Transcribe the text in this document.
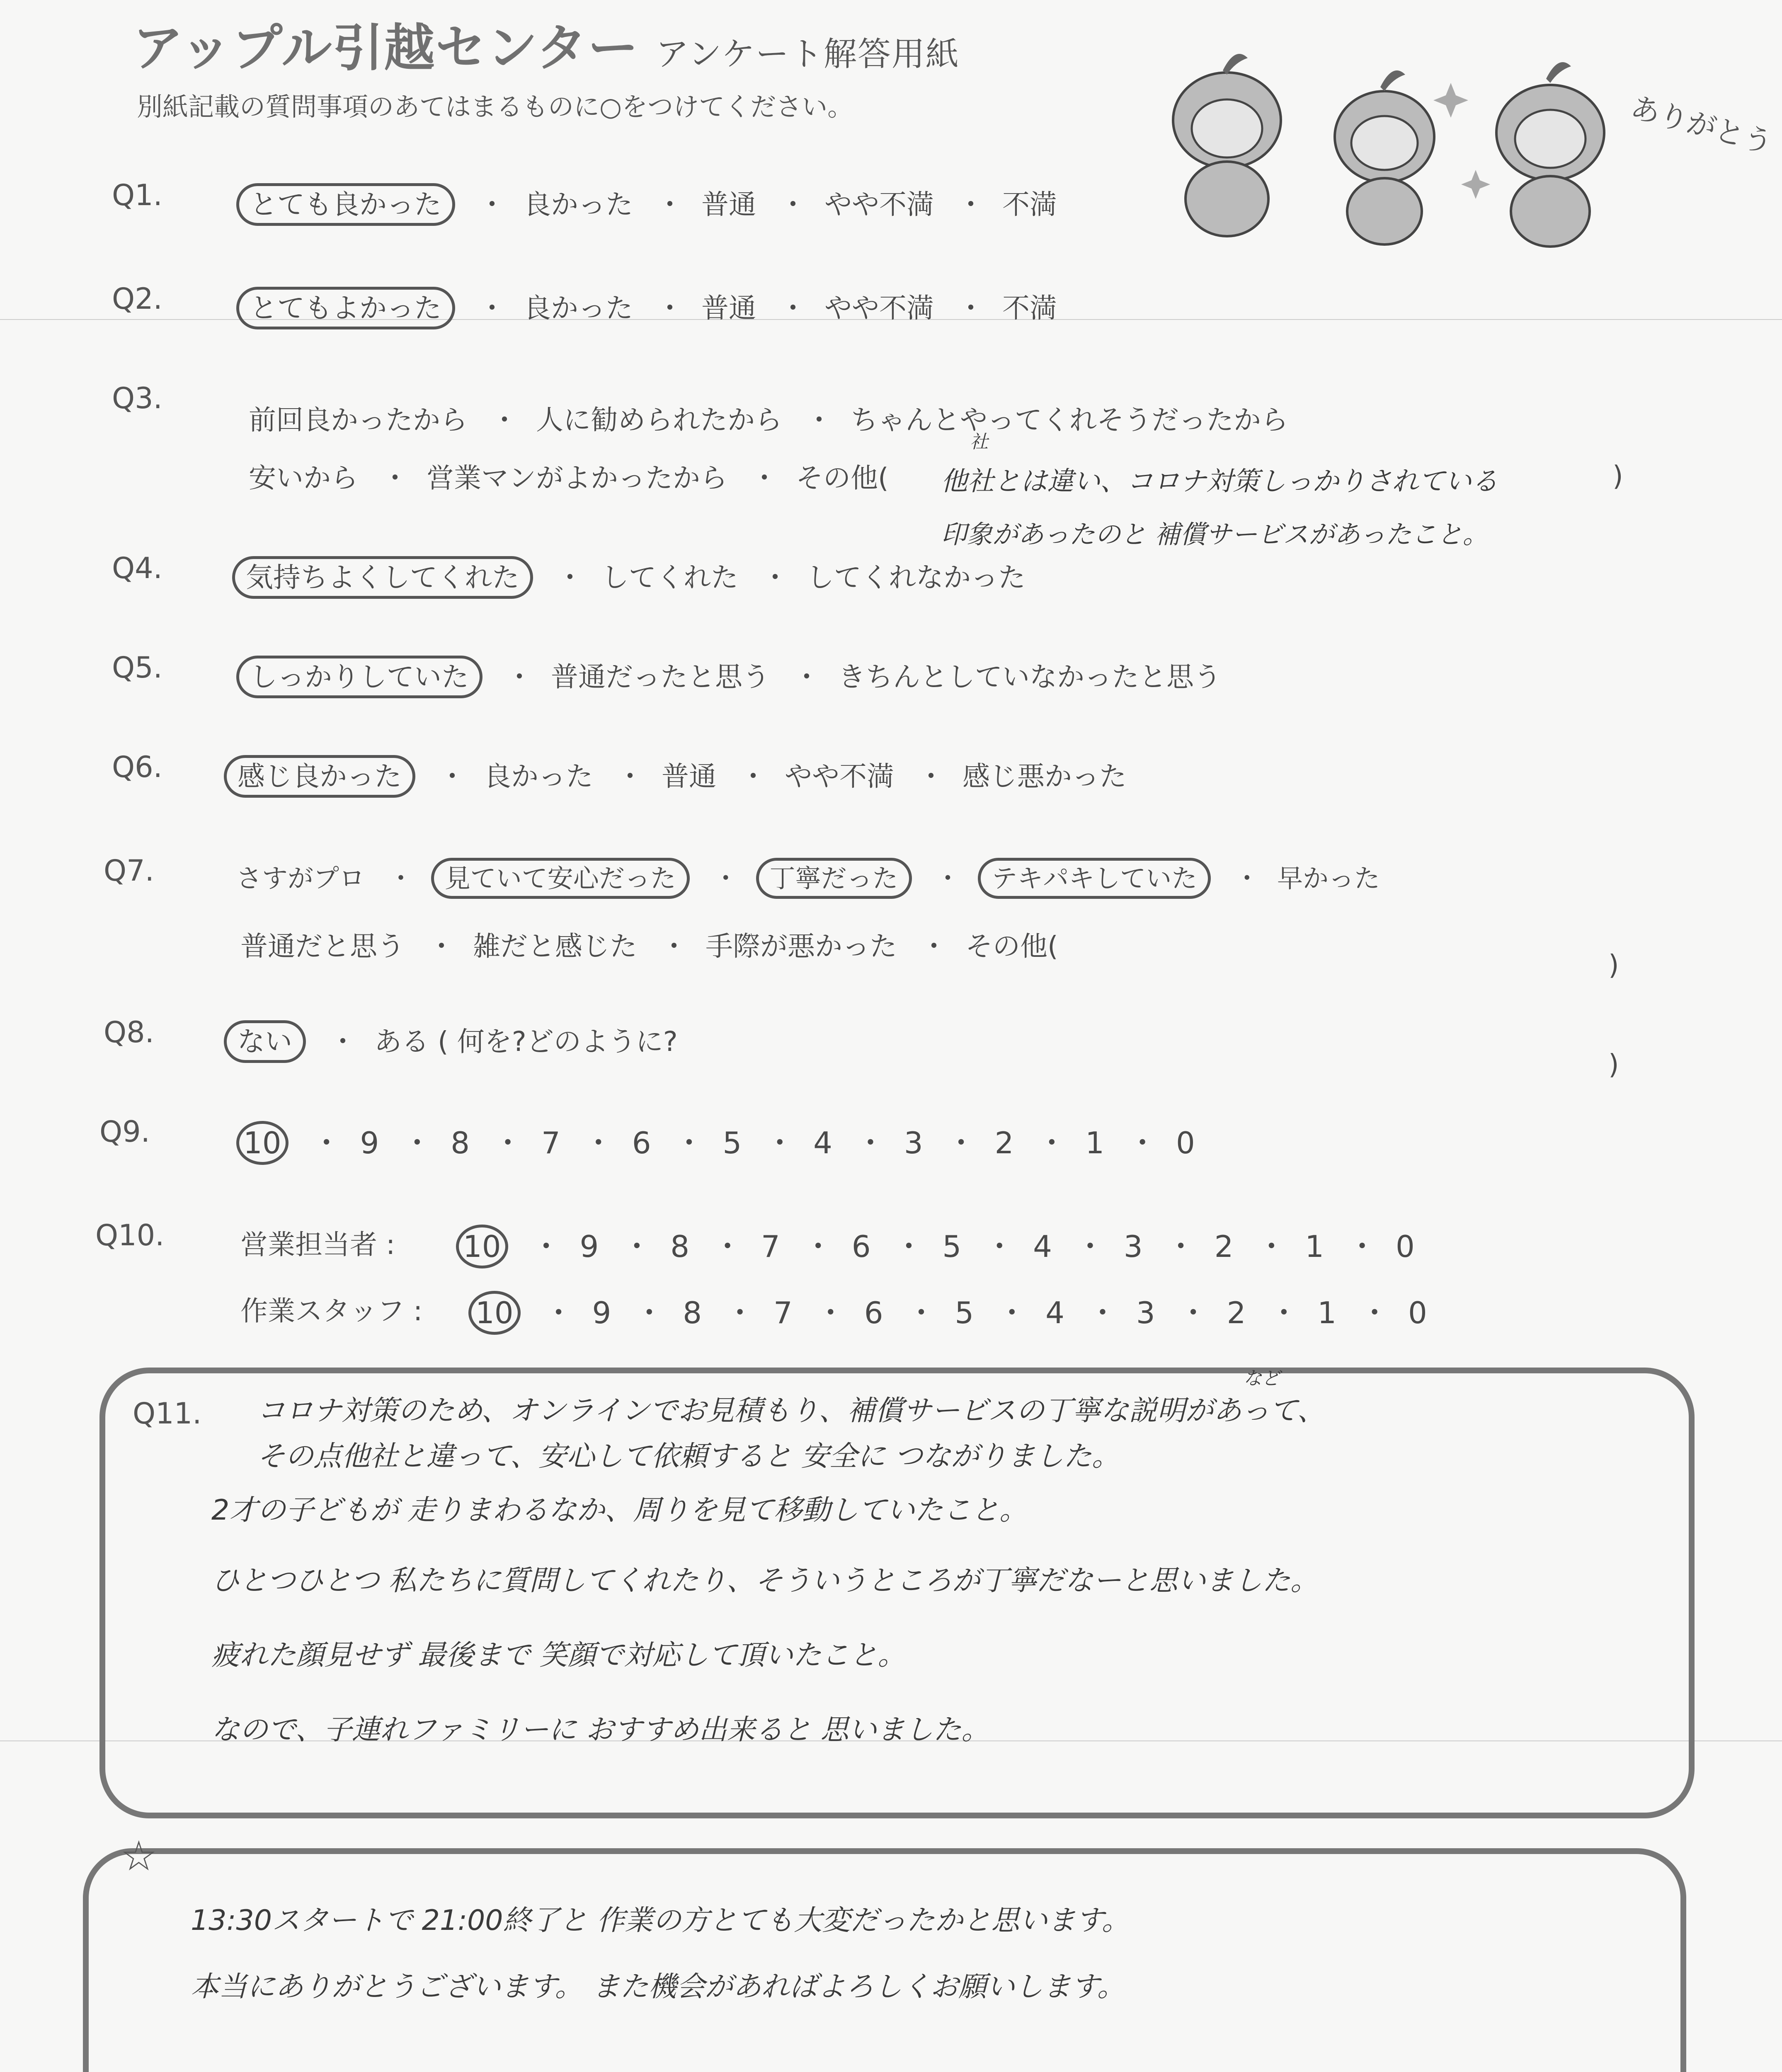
アップル引越センター アンケート解答用紙
別紙記載の質問事項のあてはまるものに○をつけてください。	ありがとう
Q1.	とても良かった ・ 良かった ・ 普通 ・ やや不満 ・ 不満
Q2.	とてもよかった ・ 良かった ・ 普通 ・ やや不満 ・ 不満
Q3.
前回良かったから ・ 人に勧められたから ・ ちゃんとやってくれそうだったから
安いから ・ 営業マンがよかったから ・ その他(	他社とは違い、コロナ対策しっかりされている
社
)
印象があったのと 補償サービスがあったこと。
Q4.	気持ちよくしてくれた ・ してくれた ・ してくれなかった
Q5.	しっかりしていた ・ 普通だったと思う ・ きちんとしていなかったと思う
Q6.	感じ良かった ・ 良かった ・ 普通 ・ やや不満 ・ 感じ悪かった
Q7.	さすがプロ ・ 見ていて安心だった ・ 丁寧だった ・ テキパキしていた ・ 早かった
普通だと思う ・ 雑だと感じた ・ 手際が悪かった ・ その他(
)
Q8.	ない ・ ある ( 何を?どのように?
)
Q9.	10 ・ 9 ・ 8 ・ 7 ・ 6 ・ 5 ・ 4 ・ 3 ・ 2 ・ 1 ・ 0
Q10.	営業担当者 : 10 ・ 9 ・ 8 ・ 7 ・ 6 ・ 5 ・ 4 ・ 3 ・ 2 ・ 1 ・ 0
作業スタッフ : 10 ・ 9 ・ 8 ・ 7 ・ 6 ・ 5 ・ 4 ・ 3 ・ 2 ・ 1 ・ 0
Q11.
など
コロナ対策のため、オンラインでお見積もり、補償サービスの丁寧な説明があって、
その点他社と違って、安心して依頼すると 安全に つながりました。
2才の子どもが 走りまわるなか、周りを見て移動していたこと。
ひとつひとつ 私たちに質問してくれたり、そういうところが丁寧だなーと思いました。
疲れた顔見せず 最後まで 笑顔で対応して頂いたこと。
なので、子連れファミリーに おすすめ出来ると 思いました。
☆
13:30スタートで 21:00終了と 作業の方とても大変だったかと思います。
本当にありがとうございます。 また機会があればよろしくお願いします。
